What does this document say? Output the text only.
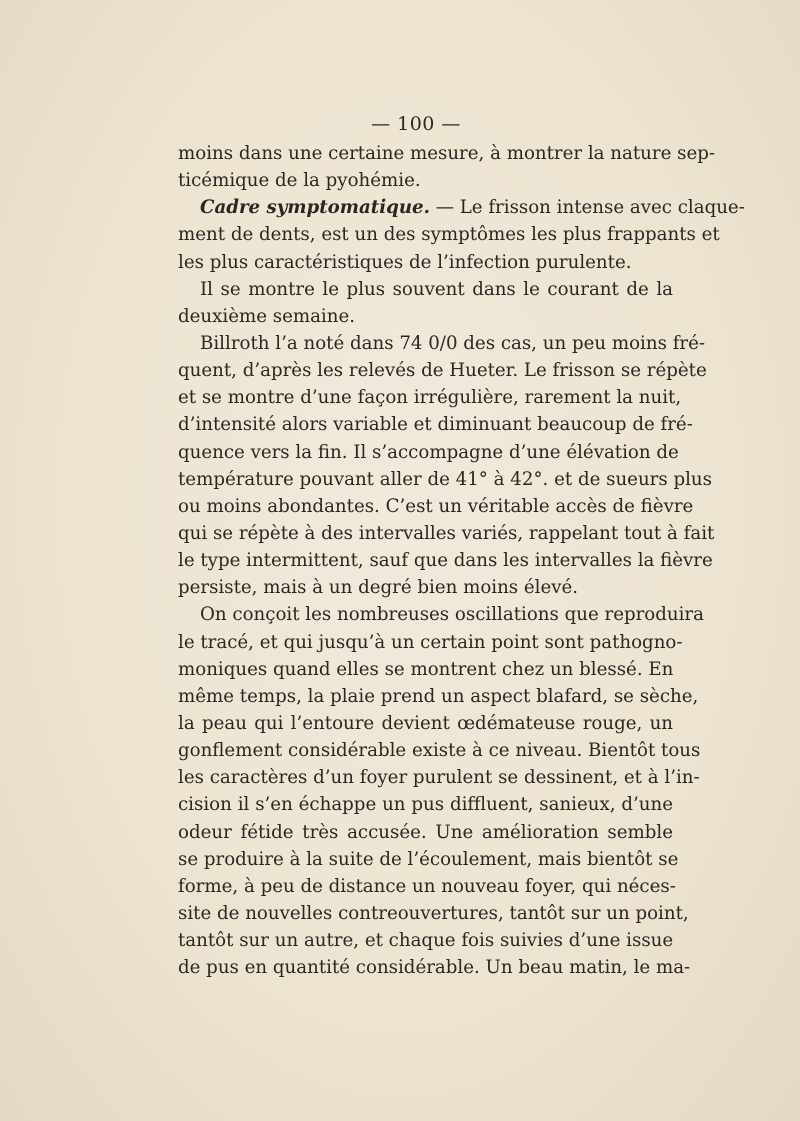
— 100 —
moins dans une certaine mesure, à montrer la nature sep-
ticémique de la pyohémie.
Cadre symptomatique. — Le frisson intense avec claque-
ment de dents, est un des symptômes les plus frappants et
les plus caractéristiques de l’infection purulente.
Il se montre le plus souvent dans le courant de la
deuxième semaine.
Billroth l’a noté dans 74 0/0 des cas, un peu moins fré-
quent, d’après les relevés de Hueter. Le frisson se répète
et se montre d’une façon irrégulière, rarement la nuit,
d’intensité alors variable et diminuant beaucoup de fré-
quence vers la fin. Il s’accompagne d’une élévation de
température pouvant aller de 41° à 42°. et de sueurs plus
ou moins abondantes. C’est un véritable accès de fièvre
qui se répète à des intervalles variés, rappelant tout à fait
le type intermittent, sauf que dans les intervalles la fièvre
persiste, mais à un degré bien moins élevé.
On conçoit les nombreuses oscillations que reproduira
le tracé, et qui jusqu’à un certain point sont pathogno-
moniques quand elles se montrent chez un blessé. En
même temps, la plaie prend un aspect blafard, se sèche,
la peau qui l’entoure devient œdémateuse rouge, un
gonflement considérable existe à ce niveau. Bientôt tous
les caractères d’un foyer purulent se dessinent, et à l’in-
cision il s’en échappe un pus diffluent, sanieux, d’une
odeur fétide très accusée. Une amélioration semble
se produire à la suite de l’écoulement, mais bientôt se
forme, à peu de distance un nouveau foyer, qui néces-
site de nouvelles contreouvertures, tantôt sur un point,
tantôt sur un autre, et chaque fois suivies d’une issue
de pus en quantité considérable. Un beau matin, le ma-
